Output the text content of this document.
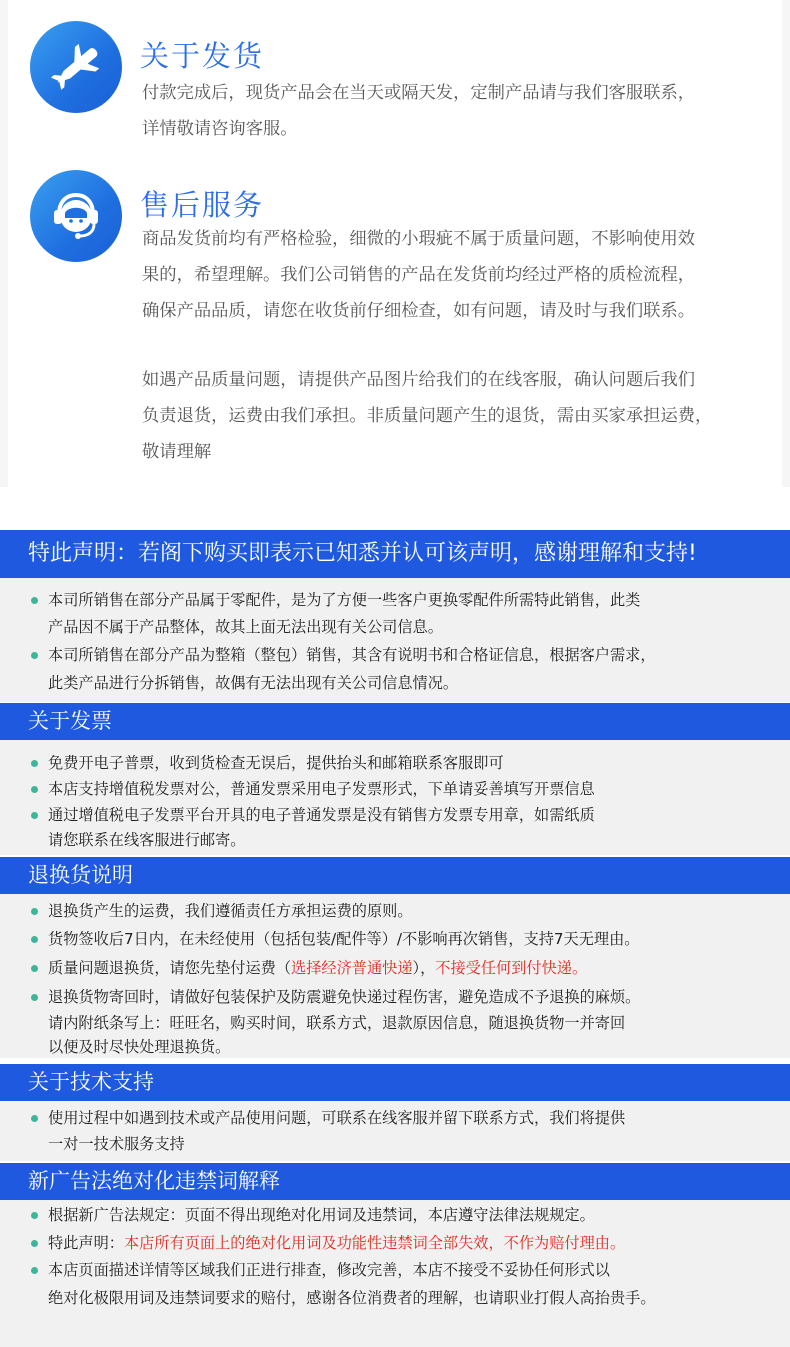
关于发货
付款完成后，现货产品会在当天或隔天发，定制产品请与我们客服联系，
详情敬请咨询客服。
售后服务
商品发货前均有严格检验，细微的小瑕疵不属于质量问题，不影响使用效
果的，希望理解。我们公司销售的产品在发货前均经过严格的质检流程，
确保产品品质，请您在收货前仔细检查，如有问题，请及时与我们联系。
如遇产品质量问题，请提供产品图片给我们的在线客服，确认问题后我们
负责退货，运费由我们承担。非质量问题产生的退货，需由买家承担运费，
敬请理解
特此声明：若阁下购买即表示已知悉并认可该声明，感谢理解和支持!
本司所销售在部分产品属于零配件，是为了方便一些客户更换零配件所需特此销售，此类
产品因不属于产品整体，故其上面无法出现有关公司信息。
本司所销售在部分产品为整箱（整包）销售，其含有说明书和合格证信息，根据客户需求，
此类产品进行分拆销售，故偶有无法出现有关公司信息情况。
关于发票
免费开电子普票，收到货检查无误后，提供抬头和邮箱联系客服即可
本店支持增值税发票对公，普通发票采用电子发票形式，下单请妥善填写开票信息
通过增值税电子发票平台开具的电子普通发票是没有销售方发票专用章，如需纸质
请您联系在线客服进行邮寄。
退换货说明
退换货产生的运费，我们遵循责任方承担运费的原则。
货物签收后7日内，在未经使用（包括包装/配件等）/不影响再次销售，支持7天无理由。
质量问题退换货，请您先垫付运费（选择经济普通快递），不接受任何到付快递。
退换货物寄回时，请做好包装保护及防震避免快递过程伤害，避免造成不予退换的麻烦。
请内附纸条写上：旺旺名，购买时间，联系方式，退款原因信息，随退换货物一并寄回
以便及时尽快处理退换货。
关于技术支持
使用过程中如遇到技术或产品使用问题，可联系在线客服并留下联系方式，我们将提供
一对一技术服务支持
新广告法绝对化违禁词解释
根据新广告法规定：页面不得出现绝对化用词及违禁词，本店遵守法律法规规定。
特此声明：本店所有页面上的绝对化用词及功能性违禁词全部失效，不作为赔付理由。
本店页面描述详情等区域我们正进行排查，修改完善，本店不接受不妥协任何形式以
绝对化极限用词及违禁词要求的赔付，感谢各位消费者的理解，也请职业打假人高抬贵手。
